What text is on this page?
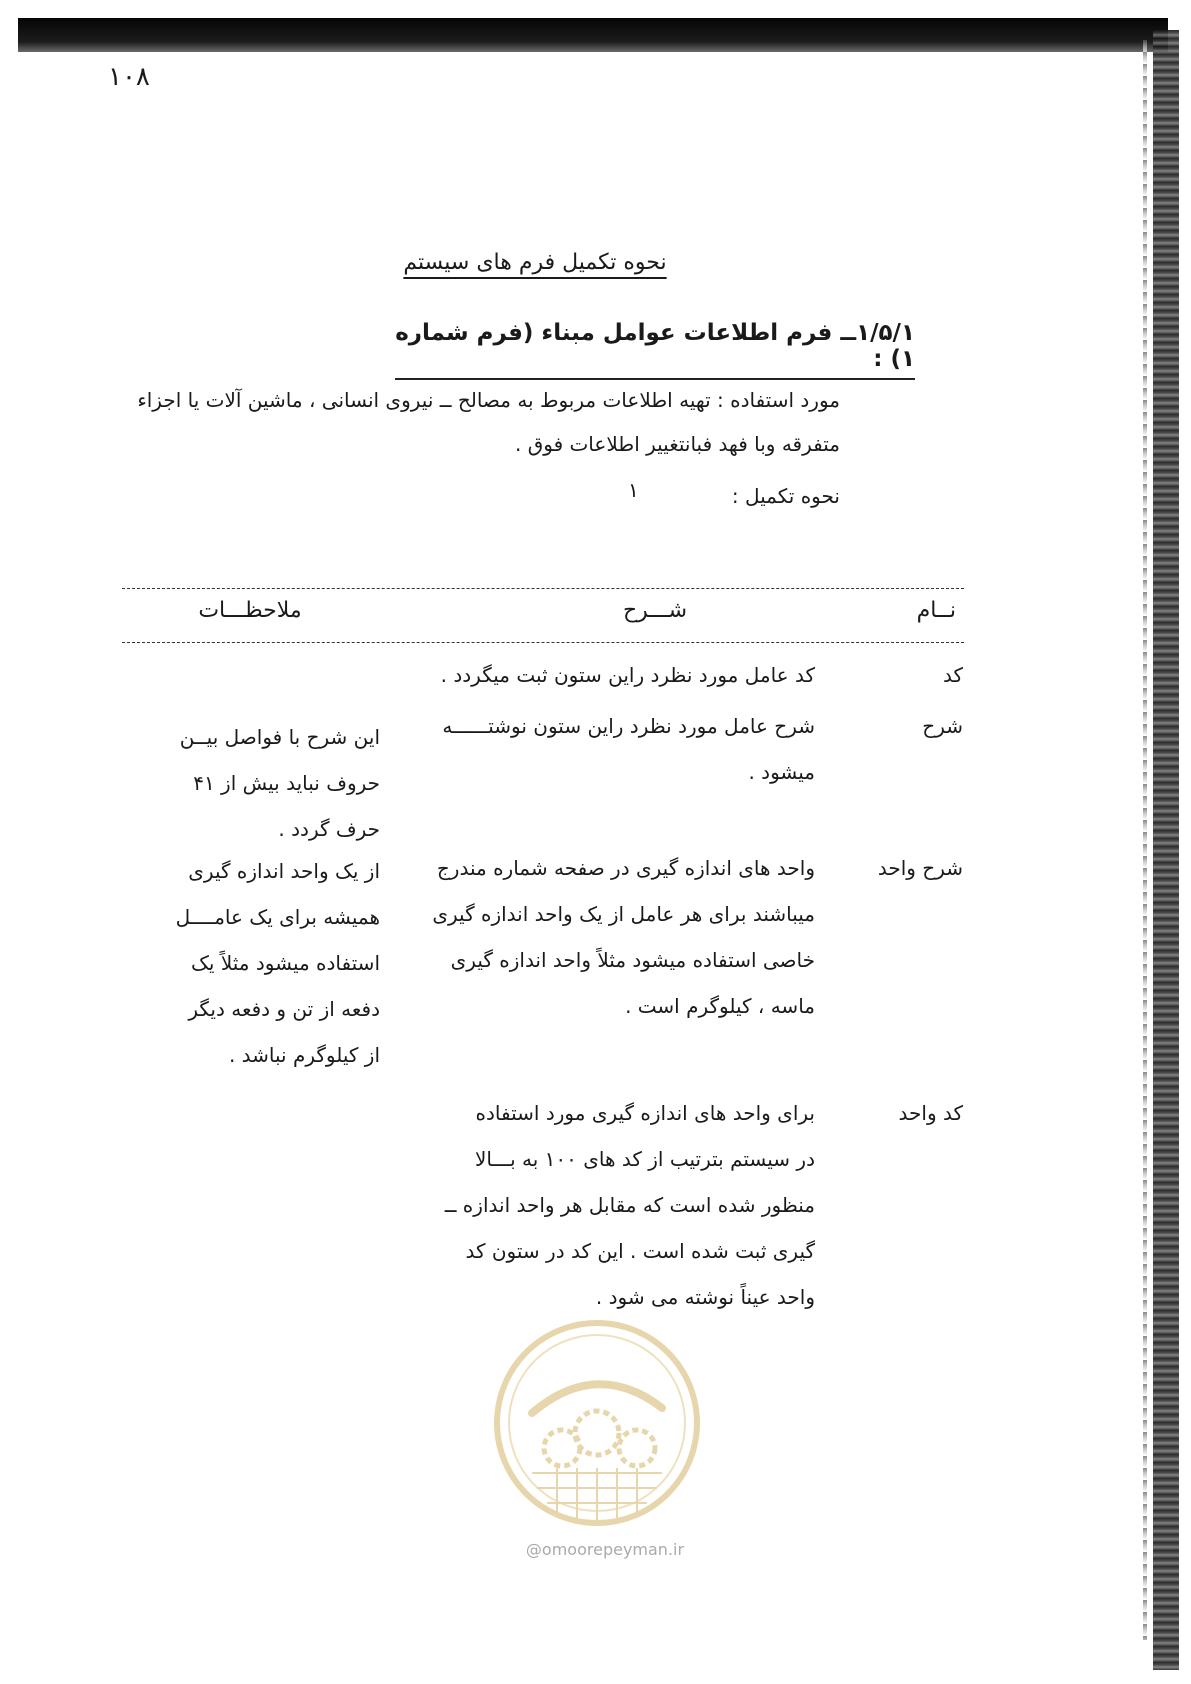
۱۰۸
نحوه تکمیل فرم های سیستم
۱/۵/۱ــ فرم اطلاعات عوامل مبناء (فرم شماره ۱) :
مورد استفاده : تهیه اطلاعات مربوط به مصالح ــ نیروی انسانی ، ماشین آلات یا اجزاء متفرقه وبا فهد فبانتغییر اطلاعات فوق .
نحوه تکمیل :
۱
نــام
شـــرح
ملاحظـــات
کد
کد عامل مورد نظرد راین ستون ثبت میگردد .
شرح
شرح عامل مورد نظرد راین ستون نوشتــــــه
میشود .
این شرح با فواصل بیــن
حروف نباید بیش از ۴۱
حرف گردد .
شرح واحد
واحد های اندازه گیری در صفحه شماره مندرج
میباشند برای هر عامل از یک واحد اندازه گیری
خاصی استفاده میشود مثلاً واحد اندازه گیری
ماسه ، کیلوگرم است .
از یک واحد اندازه گیری
همیشه برای یک عامــــل
استفاده میشود مثلاً یک
دفعه از تن و دفعه دیگر
از کیلوگرم نباشد .
کد واحد
برای واحد های اندازه گیری مورد استفاده
در سیستم بترتیب از کد های ۱۰۰ به بـــالا
منظور شده است که مقابل هر واحد اندازه ــ
گیری ثبت شده است . این کد در ستون کد
واحد عیناً نوشته می شود .
@omoorepeyman.ir
